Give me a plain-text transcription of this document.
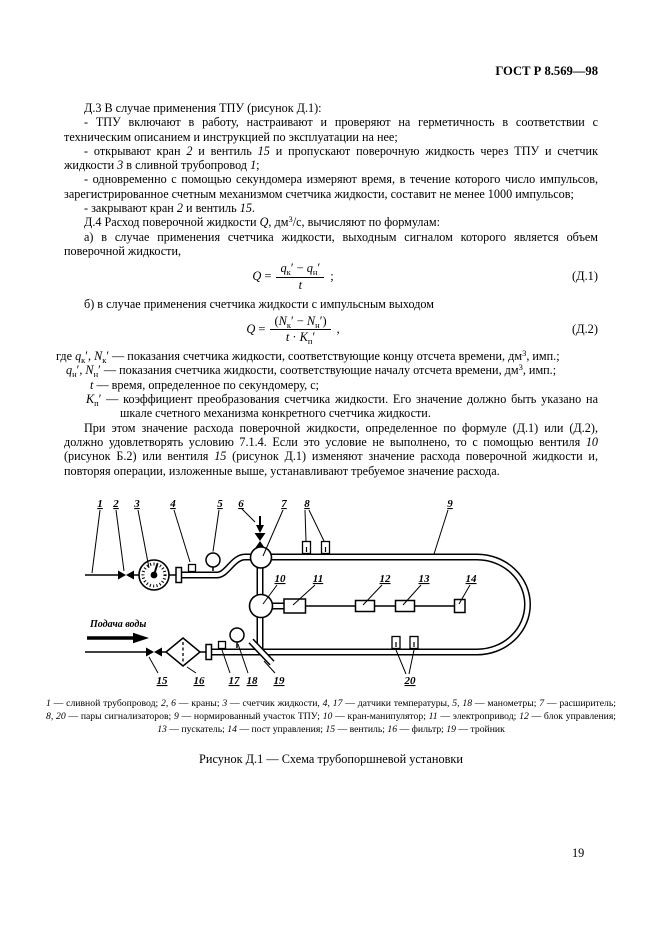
ГОСТ Р 8.569—98

Д.3 В случае применения ТПУ (рисунок Д.1):

- ТПУ включают в работу, настраивают и проверяют на герметичность в соответствии с техническим описанием и инструкцией по эксплуатации на нее;

- открывают кран 2 и вентиль 15 и пропускают поверочную жидкость через ТПУ и счетчик жидкости 3 в сливной трубопровод 1;

- одновременно с помощью секундомера измеряют время, в течение которого число импульсов, зарегистрированное счетным механизмом счетчика жидкости, составит не менее 1000 импульсов;

- закрывают кран 2 и вентиль 15.

Д.4 Расход поверочной жидкости Q, $дм^3/с$, вычисляют по формулам:

а) в случае применения счетчика жидкости, выходным сигналом которого является объем поверочной жидкости,

$Q = \frac{q_к' - q_н'}{t}$ ;	(Д.1)

б) в случае применения счетчика жидкости с импульсным выходом

$Q = \frac{(N_к' - N_н')}{t \cdot K_п'}$ ,	(Д.2)

где $q_к'$, $N_к'$ — показания счетчика жидкости, соответствующие концу отсчета времени, $дм^3$, имп.;

$q_н'$, $N_н'$ — показания счетчика жидкости, соответствующие началу отсчета времени, $дм^3$, имп.;

t — время, определенное по секундомеру, с;

$K_п'$ — коэффициент преобразования счетчика жидкости. Его значение должно быть указано на шкале счетного механизма конкретного счетчика жидкости.

При этом значение расхода поверочной жидкости, определенное по формуле (Д.1) или (Д.2), должно удовлетворять условию 7.1.4. Если это условие не выполнено, то с помощью вентиля 10 (рисунок Б.2) или вентиля 15 (рисунок Д.1) изменяют значение расхода поверочной жидкости и, повторяя операции, изложенные выше, устанавливают требуемое значение расхода.

1 2 3	4	5 6	7 8	9
10 11	12	13	14
15 16 17 18 19	20
Подача воды
1 — сливной трубопровод; 2, 6 — краны; 3 — счетчик жидкости, 4, 17 — датчики температуры, 5, 18 — манометры; 7 — расширитель; 8, 20 — пары сигнализаторов; 9 — нормированный участок ТПУ; 10 — кран-манипулятор; 11 — электропривод; 12 — блок управления; 13 — пускатель; 14 — пост управления; 15 — вентиль; 16 — фильтр; 19 — тройник
Рисунок Д.1 — Схема трубопоршневой установки
19
